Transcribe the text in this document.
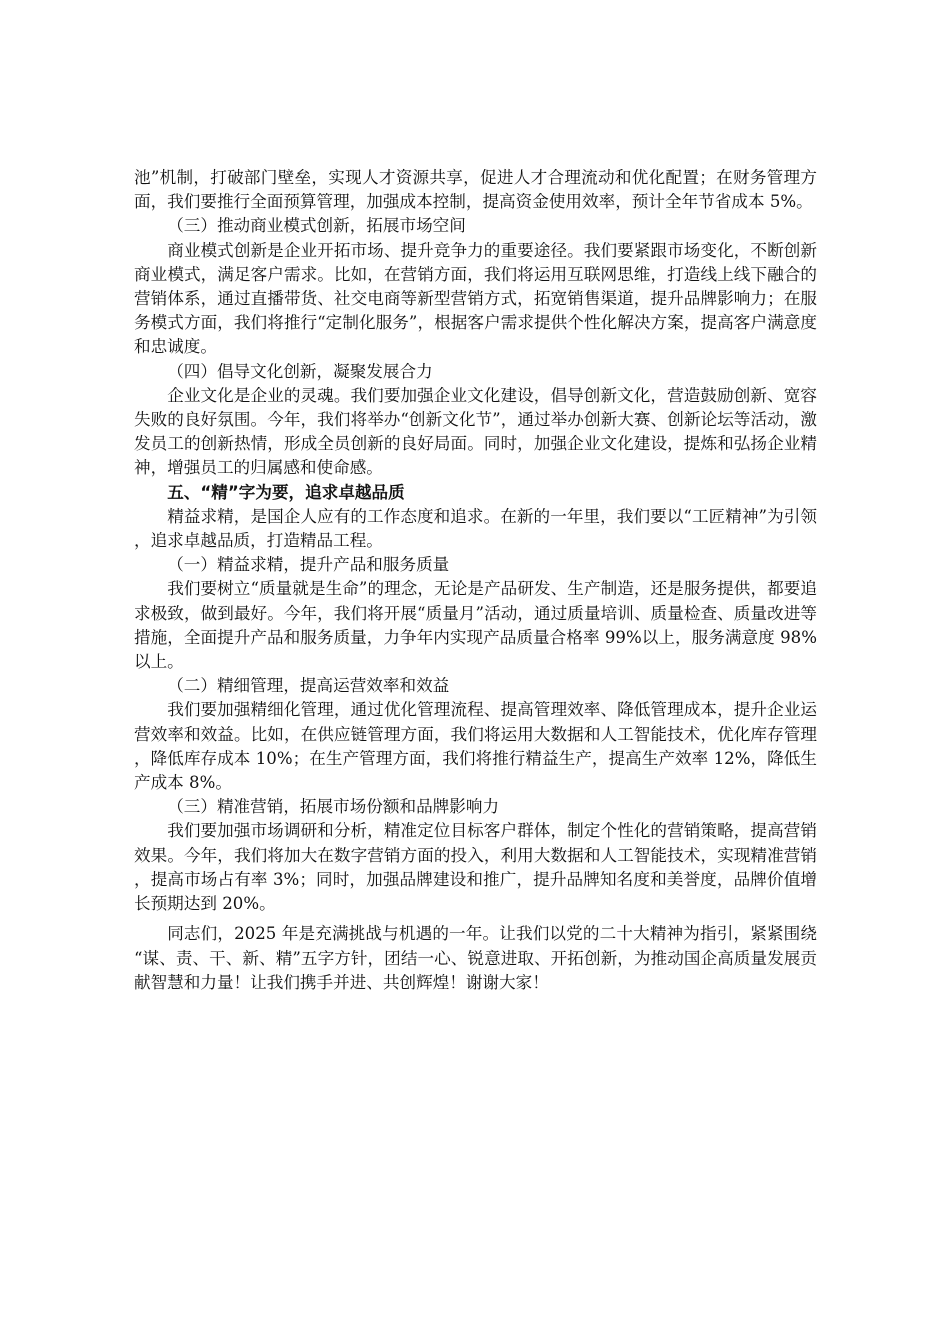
池”机制，打破部门壁垒，实现人才资源共享，促进人才合理流动和优化配置；在财务管理方面，我们要推行全面预算管理，加强成本控制，提高资金使用效率，预计全年节省成本 5%。

（三）推动商业模式创新，拓展市场空间

商业模式创新是企业开拓市场、提升竞争力的重要途径。我们要紧跟市场变化，不断创新商业模式，满足客户需求。比如，在营销方面，我们将运用互联网思维，打造线上线下融合的营销体系，通过直播带货、社交电商等新型营销方式，拓宽销售渠道，提升品牌影响力；在服务模式方面，我们将推行“定制化服务”，根据客户需求提供个性化解决方案，提高客户满意度和忠诚度。

（四）倡导文化创新，凝聚发展合力

企业文化是企业的灵魂。我们要加强企业文化建设，倡导创新文化，营造鼓励创新、宽容失败的良好氛围。今年，我们将举办“创新文化节”，通过举办创新大赛、创新论坛等活动，激发员工的创新热情，形成全员创新的良好局面。同时，加强企业文化建设，提炼和弘扬企业精神，增强员工的归属感和使命感。

五、“精”字为要，追求卓越品质

精益求精，是国企人应有的工作态度和追求。在新的一年里，我们要以“工匠精神”为引领，追求卓越品质，打造精品工程。

（一）精益求精，提升产品和服务质量

我们要树立“质量就是生命”的理念，无论是产品研发、生产制造，还是服务提供，都要追求极致，做到最好。今年，我们将开展“质量月”活动，通过质量培训、质量检查、质量改进等措施，全面提升产品和服务质量，力争年内实现产品质量合格率 99%以上，服务满意度 98%以上。

（二）精细管理，提高运营效率和效益

我们要加强精细化管理，通过优化管理流程、提高管理效率、降低管理成本，提升企业运营效率和效益。比如，在供应链管理方面，我们将运用大数据和人工智能技术，优化库存管理，降低库存成本 10%；在生产管理方面，我们将推行精益生产，提高生产效率 12%，降低生产成本 8%。

（三）精准营销，拓展市场份额和品牌影响力

我们要加强市场调研和分析，精准定位目标客户群体，制定个性化的营销策略，提高营销效果。今年，我们将加大在数字营销方面的投入，利用大数据和人工智能技术，实现精准营销，提高市场占有率 3%；同时，加强品牌建设和推广，提升品牌知名度和美誉度，品牌价值增长预期达到 20%。

同志们，2025 年是充满挑战与机遇的一年。让我们以党的二十大精神为指引，紧紧围绕“谋、责、干、新、精”五字方针，团结一心、锐意进取、开拓创新，为推动国企高质量发展贡献智慧和力量！让我们携手并进、共创辉煌！谢谢大家！
